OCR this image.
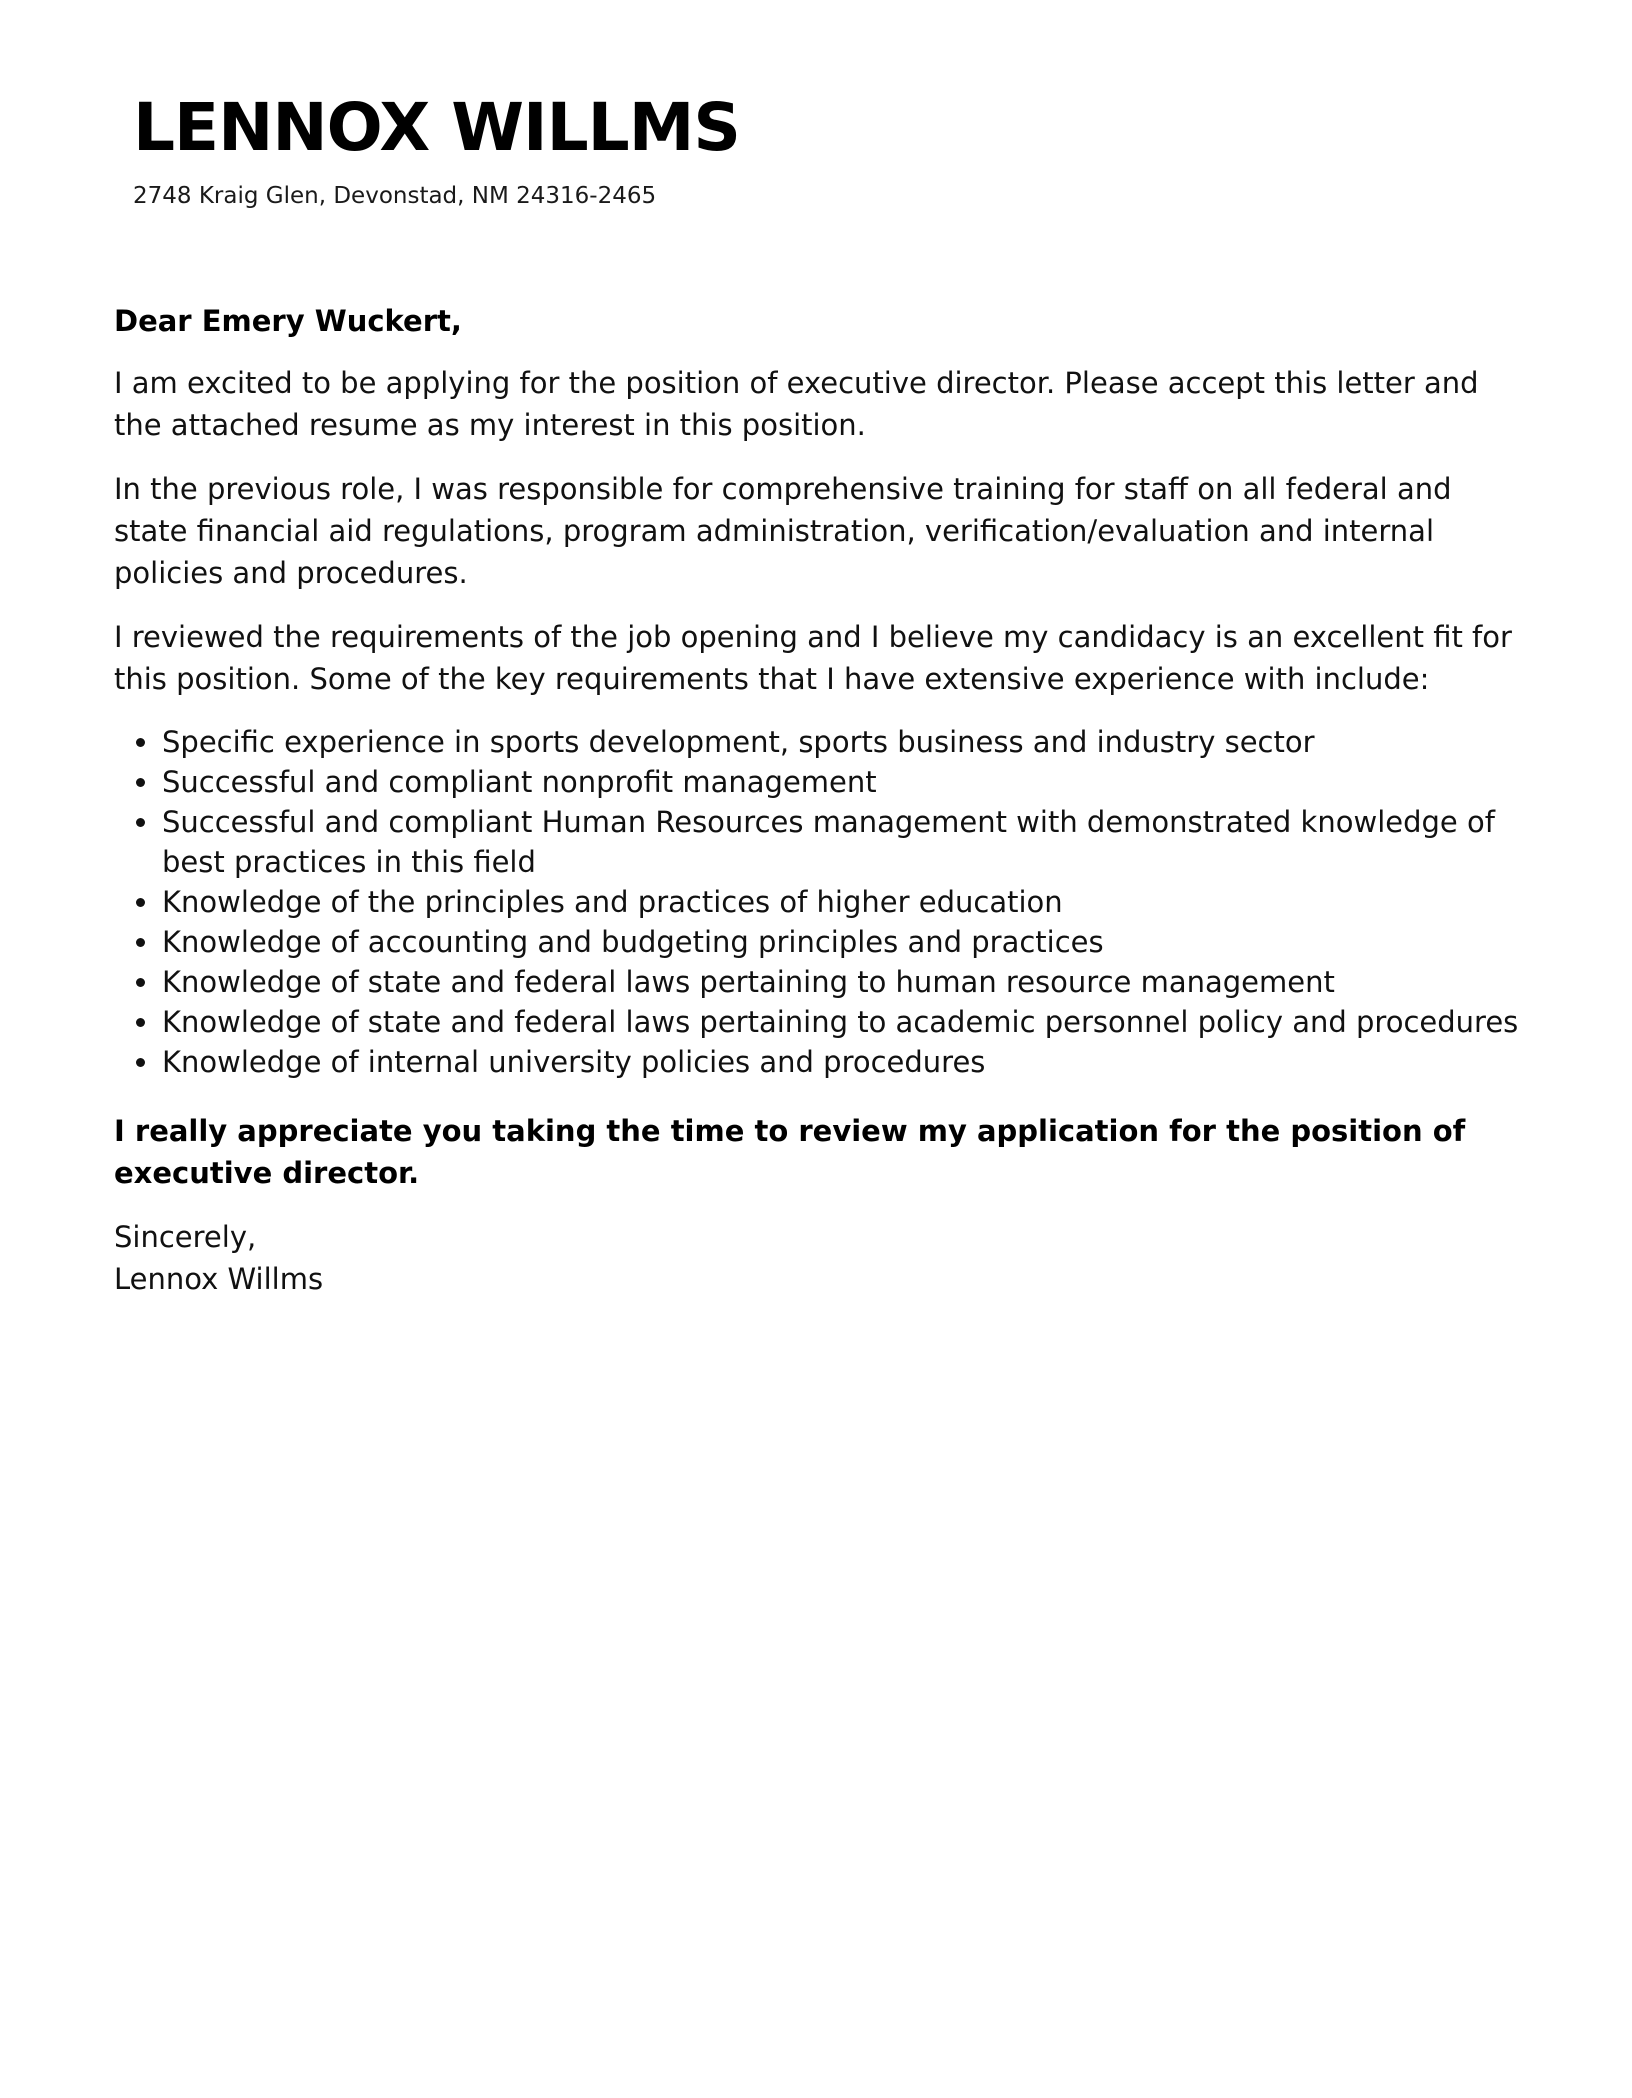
LENNOX WILLMS
2748 Kraig Glen, Devonstad, NM 24316-2465

Dear Emery Wuckert,

I am excited to be applying for the position of executive director. Please accept this letter and the attached resume as my interest in this position.

In the previous role, I was responsible for comprehensive training for staff on all federal and state financial aid regulations, program administration, verification/evaluation and internal policies and procedures.

I reviewed the requirements of the job opening and I believe my candidacy is an excellent fit for this position. Some of the key requirements that I have extensive experience with include:

Specific experience in sports development, sports business and industry sector
Successful and compliant nonprofit management
Successful and compliant Human Resources management with demonstrated knowledge of best practices in this field
Knowledge of the principles and practices of higher education
Knowledge of accounting and budgeting principles and practices
Knowledge of state and federal laws pertaining to human resource management
Knowledge of state and federal laws pertaining to academic personnel policy and procedures
Knowledge of internal university policies and procedures

I really appreciate you taking the time to review my application for the position of executive director.

Sincerely,
Lennox Willms
